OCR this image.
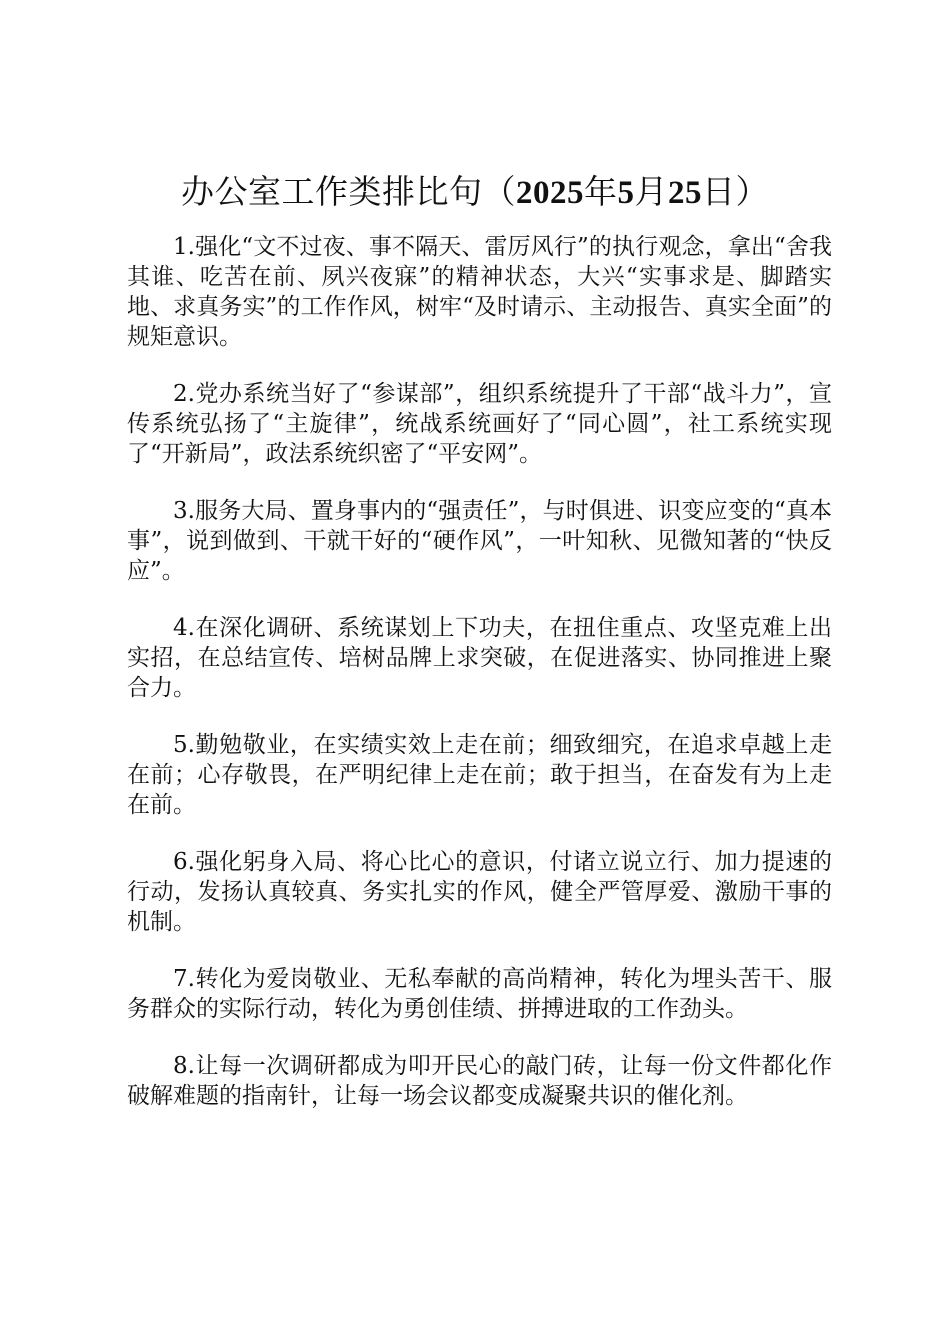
办公室工作类排比句（2025年5月25日）

1.强化“文不过夜、事不隔天、雷厉风行”的执行观念，拿出“舍我其谁、吃苦在前、夙兴夜寐”的精神状态，大兴“实事求是、脚踏实地、求真务实”的工作作风，树牢“及时请示、主动报告、真实全面”的规矩意识。

2.党办系统当好了“参谋部”，组织系统提升了干部“战斗力”，宣传系统弘扬了“主旋律”，统战系统画好了“同心圆”，社工系统实现了“开新局”，政法系统织密了“平安网”。

3.服务大局、置身事内的“强责任”，与时俱进、识变应变的“真本事”，说到做到、干就干好的“硬作风”，一叶知秋、见微知著的“快反应”。

4.在深化调研、系统谋划上下功夫，在扭住重点、攻坚克难上出实招，在总结宣传、培树品牌上求突破，在促进落实、协同推进上聚合力。

5.勤勉敬业，在实绩实效上走在前；细致细究，在追求卓越上走在前；心存敬畏，在严明纪律上走在前；敢于担当，在奋发有为上走在前。

6.强化躬身入局、将心比心的意识，付诸立说立行、加力提速的行动，发扬认真较真、务实扎实的作风，健全严管厚爱、激励干事的机制。

7.转化为爱岗敬业、无私奉献的高尚精神，转化为埋头苦干、服务群众的实际行动，转化为勇创佳绩、拼搏进取的工作劲头。

8.让每一次调研都成为叩开民心的敲门砖，让每一份文件都化作破解难题的指南针，让每一场会议都变成凝聚共识的催化剂。
